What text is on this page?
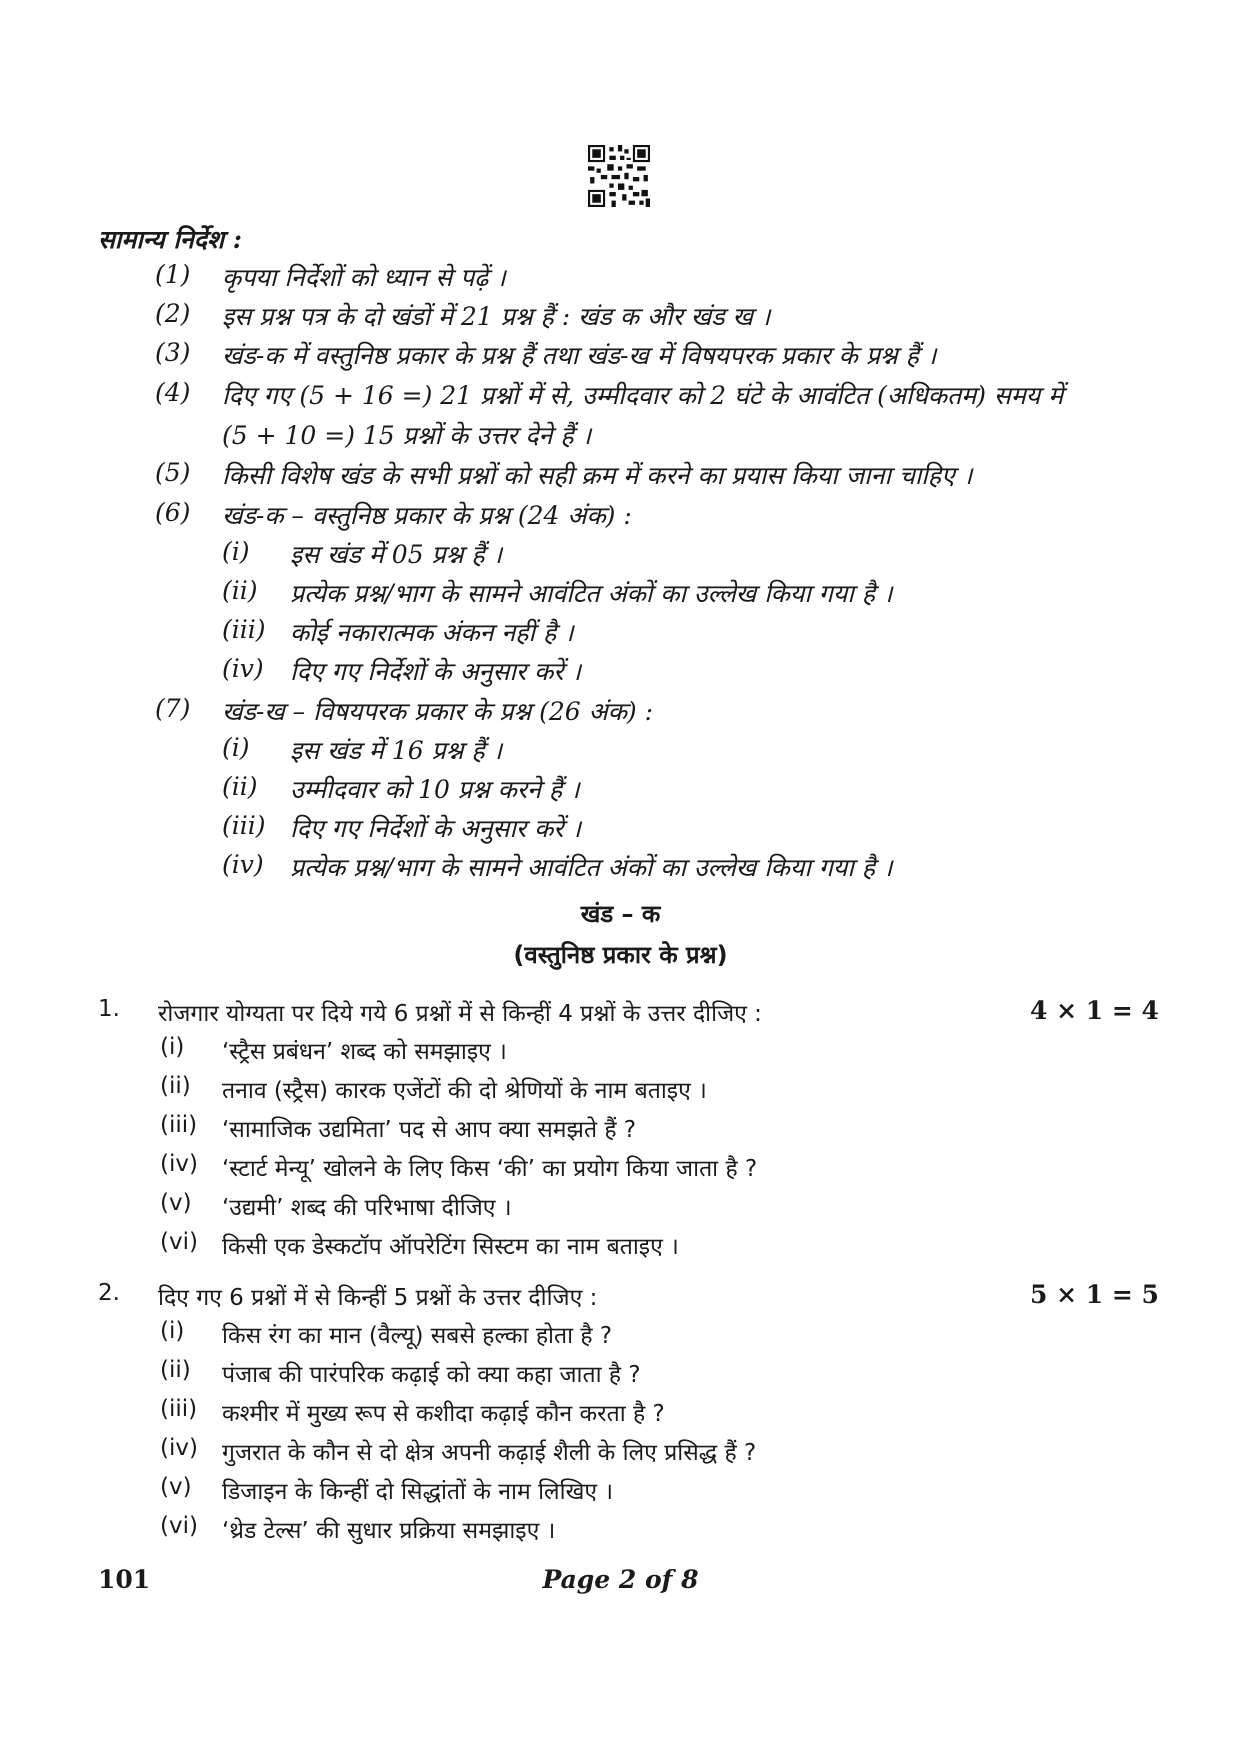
सामान्य निर्देश :
(1) कृपया निर्देशों को ध्यान से पढ़ें ।
(2) इस प्रश्न पत्र के दो खंडों में 21 प्रश्न हैं : खंड क और खंड ख ।
(3) खंड-क में वस्तुनिष्ठ प्रकार के प्रश्न हैं तथा खंड-ख में विषयपरक प्रकार के प्रश्न हैं ।
(4) दिए गए (5 + 16 =) 21 प्रश्नों में से, उम्मीदवार को 2 घंटे के आवंटित (अधिकतम) समय में
(5 + 10 =) 15 प्रश्नों के उत्तर देने हैं ।
(5) किसी विशेष खंड के सभी प्रश्नों को सही क्रम में करने का प्रयास किया जाना चाहिए ।
(6) खंड-क – वस्तुनिष्ठ प्रकार के प्रश्न (24 अंक) :
(i) इस खंड में 05 प्रश्न हैं ।
(ii) प्रत्येक प्रश्न/भाग के सामने आवंटित अंकों का उल्लेख किया गया है ।
(iii) कोई नकारात्मक अंकन नहीं है ।
(iv) दिए गए निर्देशों के अनुसार करें ।
(7) खंड-ख – विषयपरक प्रकार के प्रश्न (26 अंक) :
(i) इस खंड में 16 प्रश्न हैं ।
(ii) उम्मीदवार को 10 प्रश्न करने हैं ।
(iii) दिए गए निर्देशों के अनुसार करें ।
(iv) प्रत्येक प्रश्न/भाग के सामने आवंटित अंकों का उल्लेख किया गया है ।
खंड – क
(वस्तुनिष्ठ प्रकार के प्रश्न)
1. रोजगार योग्यता पर दिये गये 6 प्रश्नों में से किन्हीं 4 प्रश्नों के उत्तर दीजिए :	4 × 1 = 4
(i) ‘स्ट्रैस प्रबंधन’ शब्द को समझाइए ।
(ii) तनाव (स्ट्रैस) कारक एजेंटों की दो श्रेणियों के नाम बताइए ।
(iii) ‘सामाजिक उद्यमिता’ पद से आप क्या समझते हैं ?
(iv) ‘स्टार्ट मेन्यू’ खोलने के लिए किस ‘की’ का प्रयोग किया जाता है ?
(v) ‘उद्यमी’ शब्द की परिभाषा दीजिए ।
(vi) किसी एक डेस्कटॉप ऑपरेटिंग सिस्टम का नाम बताइए ।
2. दिए गए 6 प्रश्नों में से किन्हीं 5 प्रश्नों के उत्तर दीजिए :	5 × 1 = 5
(i) किस रंग का मान (वैल्यू) सबसे हल्का होता है ?
(ii) पंजाब की पारंपरिक कढ़ाई को क्या कहा जाता है ?
(iii) कश्मीर में मुख्य रूप से कशीदा कढ़ाई कौन करता है ?
(iv) गुजरात के कौन से दो क्षेत्र अपनी कढ़ाई शैली के लिए प्रसिद्ध हैं ?
(v) डिजाइन के किन्हीं दो सिद्धांतों के नाम लिखिए ।
(vi) ‘थ्रेड टेल्स’ की सुधार प्रक्रिया समझाइए ।
101	Page 2 of 8
